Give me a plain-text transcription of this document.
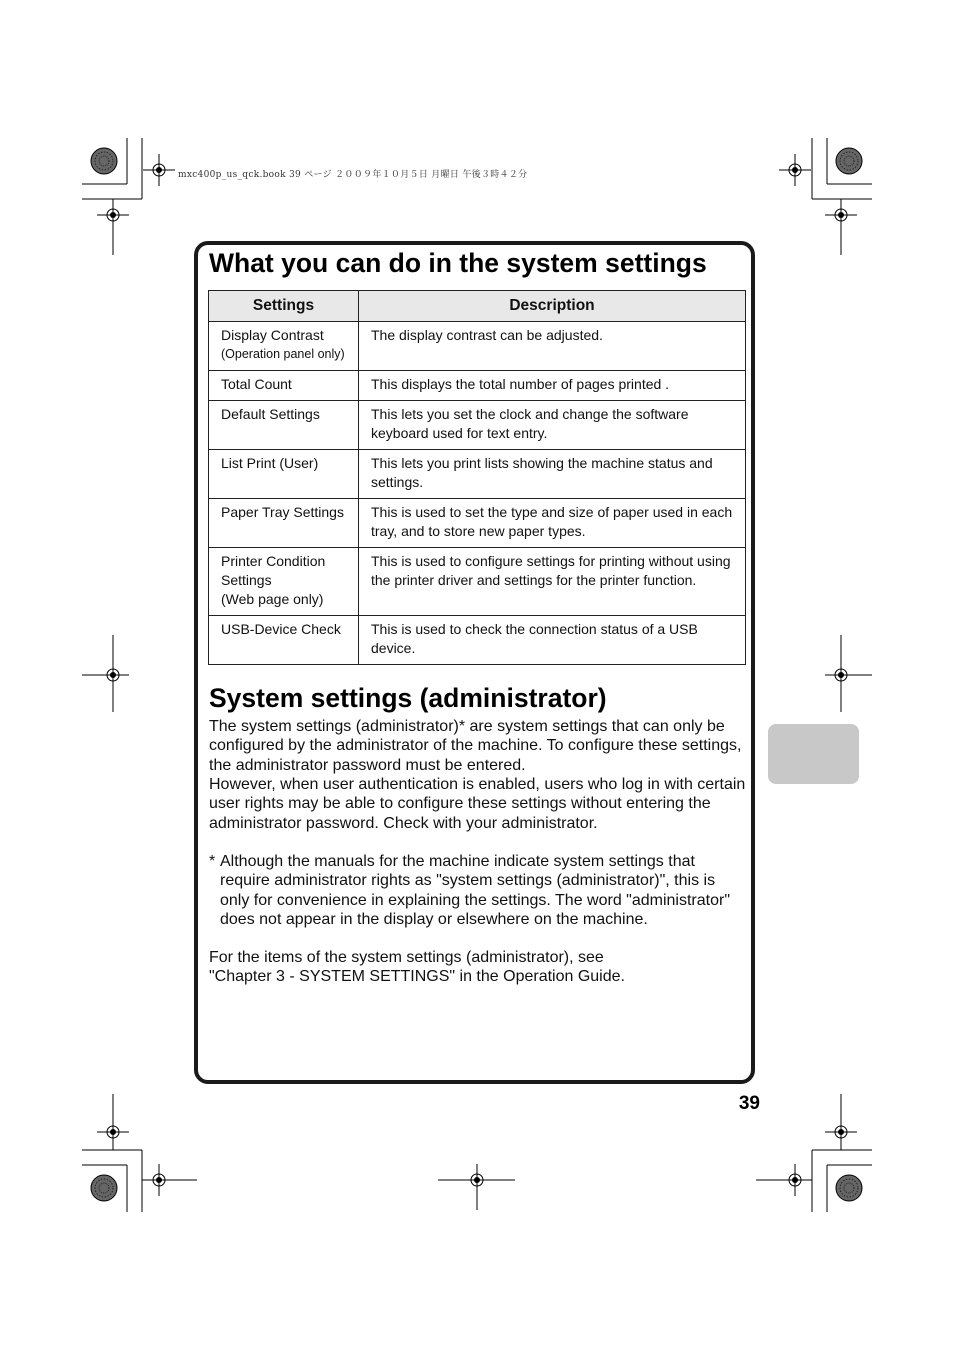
mxc400p_us_qck.book 39 ページ ２００９年１０月５日 月曜日 午後３時４２分
What you can do in the system settings
Settings	Description
Display Contrast
(Operation panel only)	The display contrast can be adjusted.
Total Count	This displays the total number of pages printed .
Default Settings	This lets you set the clock and change the software keyboard used for text entry.
List Print (User)	This lets you print lists showing the machine status and settings.
Paper Tray Settings	This is used to set the type and size of paper used in each tray, and to store new paper types.
Printer Condition Settings
(Web page only)	This is used to configure settings for printing without using the printer driver and settings for the printer function.
USB-Device Check	This is used to check the connection status of a USB device.
System settings (administrator)
The system settings (administrator)* are system settings that can only be configured by the administrator of the machine. To configure these settings, the administrator password must be entered.
However, when user authentication is enabled, users who log in with certain user rights may be able to configure these settings without entering the administrator password. Check with your administrator.
* Although the manuals for the machine indicate system settings that require administrator rights as "system settings (administrator)", this is only for convenience in explaining the settings. The word "administrator" does not appear in the display or elsewhere on the machine.
For the items of the system settings (administrator), see
"Chapter 3 - SYSTEM SETTINGS" in the Operation Guide.
39
